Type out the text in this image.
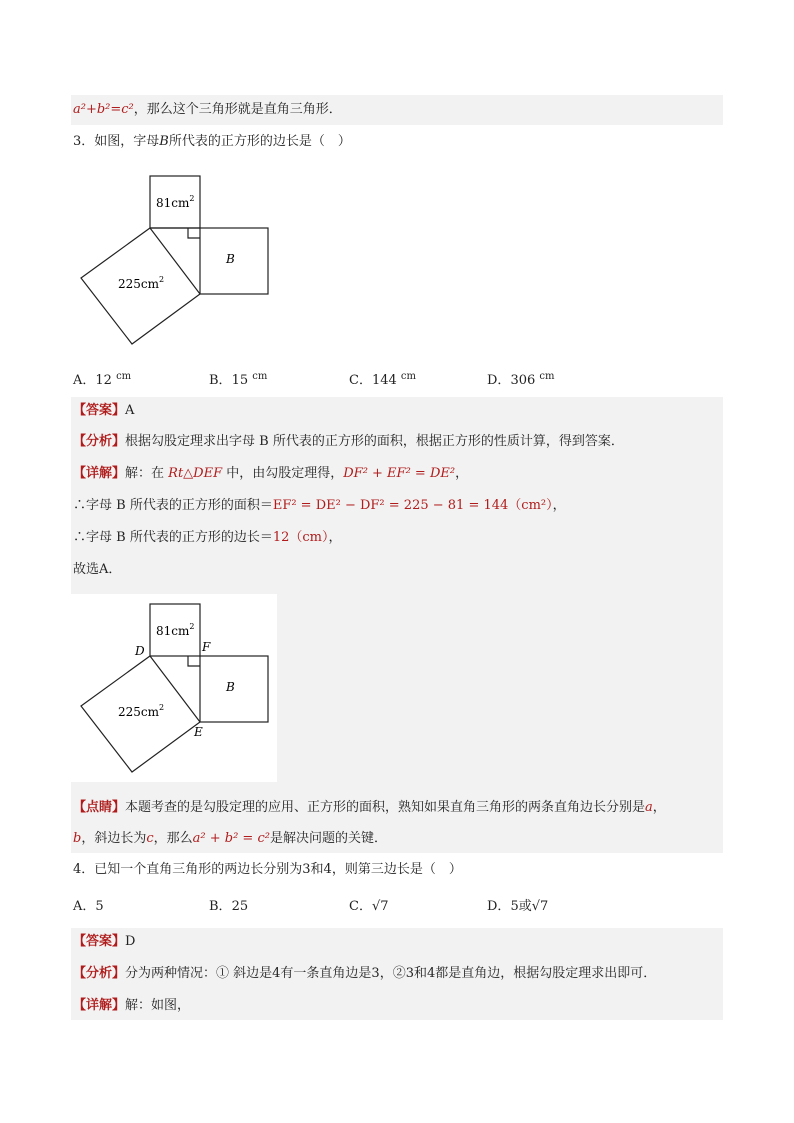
a²+b²=c²，那么这个三角形就是直角三角形．
3．如图，字母B所代表的正方形的边长是（　）
$81cm^2$
$225cm^2$
B
A．12 $^{cm}$	B．15 $^{cm}$	C．144 $^{cm}$	D．306 $^{cm}$
【答案】A
【分析】根据勾股定理求出字母 B 所代表的正方形的面积，根据正方形的性质计算，得到答案．
【详解】解：在 Rt△DEF 中，由勾股定理得，DF² + EF² = DE²，
∴字母 B 所代表的正方形的面积＝EF² = DE² − DF² = 225 − 81 = 144（cm²），
∴字母 B 所代表的正方形的边长＝12（cm），
故选A．
$81cm^2$
$225cm^2$
B
D	F
E
【点睛】本题考查的是勾股定理的应用、正方形的面积，熟知如果直角三角形的两条直角边长分别是a，
b，斜边长为c，那么a² + b² = c²是解决问题的关键．
4．已知一个直角三角形的两边长分别为3和4，则第三边长是（　）
A．5	B．25	C．√7	D．5或√7
【答案】D
【分析】分为两种情况：① 斜边是4有一条直角边是3，②3和4都是直角边，根据勾股定理求出即可．
【详解】解：如图，
